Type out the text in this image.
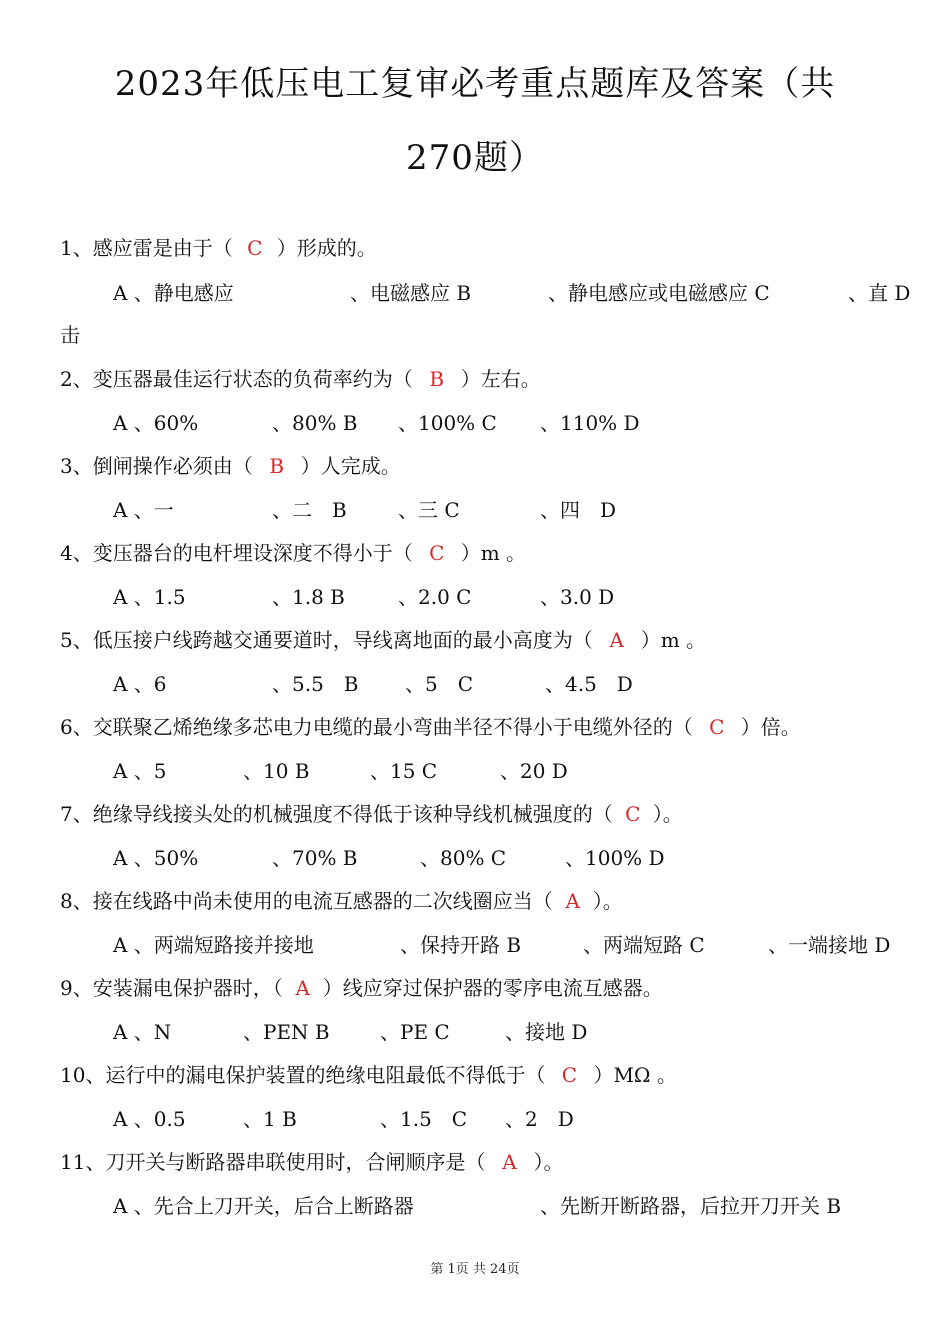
2023年低压电工复审必考重点题库及答案（共
270题）
1、感应雷是由于（ C ）形成的。
A 、静电感应	、电磁感应 B	、静电感应或电磁感应 C	、直 D
击
2、变压器最佳运行状态的负荷率约为（ B ）左右。
A 、60%	、80% B 、100% C 、110% D
3、倒闸操作必须由（ B ）人完成。
A 、一	、二　B	、三 C	、四　D
4、变压器台的电杆埋设深度不得小于（ C ）m 。
A 、1.5	、1.8 B	、2.0 C	、3.0 D
5、低压接户线跨越交通要道时，导线离地面的最小高度为（ A ）m 。
A 、6	、5.5　B 、5　C	、4.5　D
6、交联聚乙烯绝缘多芯电力电缆的最小弯曲半径不得小于电缆外径的（ C ）倍。
A 、5	、10 B	、15 C	、20 D
7、绝缘导线接头处的机械强度不得低于该种导线机械强度的（ C ）。
A 、50%	、70% B	、80% C	、100% D
8、接在线路中尚未使用的电流互感器的二次线圈应当（ A ）。
A 、两端短路接并接地	、保持开路 B	、两端短路 C	、一端接地 D
9、安装漏电保护器时，（ A ）线应穿过保护器的零序电流互感器。
A 、N	、PEN B	、PE C	、接地 D
10、运行中的漏电保护装置的绝缘电阻最低不得低于（ C ）MΩ 。
A 、0.5	、1 B	、1.5　C 、2　D
11、刀开关与断路器串联使用时，合闸顺序是（ A ）。
A 、先合上刀开关，后合上断路器	、先断开断路器，后拉开刀开关 B
第 1页 共 24页
